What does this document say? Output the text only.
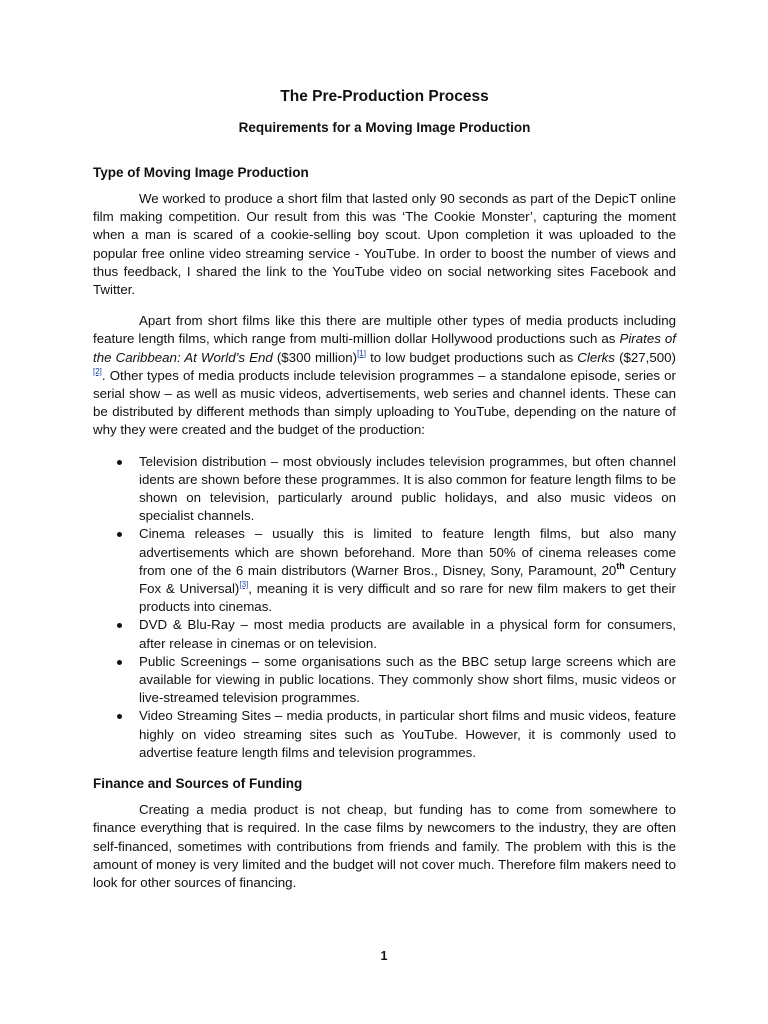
The Pre-Production Process
Requirements for a Moving Image Production
Type of Moving Image Production

We worked to produce a short film that lasted only 90 seconds as part of the DepicT online film making competition. Our result from this was ‘The Cookie Monster’, capturing the moment when a man is scared of a cookie-selling boy scout. Upon completion it was uploaded to the popular free online video streaming service - YouTube. In order to boost the number of views and thus feedback, I shared the link to the YouTube video on social networking sites Facebook and Twitter.

Apart from short films like this there are multiple other types of media products including feature length films, which range from multi-million dollar Hollywood productions such as Pirates of the Caribbean: At World’s End ($300 million)[1] to low budget productions such as Clerks ($27,500)[2]. Other types of media products include television programmes – a standalone episode, series or serial show – as well as music videos, advertisements, web series and channel idents. These can be distributed by different methods than simply uploading to YouTube, depending on the nature of why they were created and the budget of the production:

Television distribution – most obviously includes television programmes, but often channel idents are shown before these programmes. It is also common for feature length films to be shown on television, particularly around public holidays, and also music videos on specialist channels.
Cinema releases – usually this is limited to feature length films, but also many advertisements which are shown beforehand. More than 50% of cinema releases come from one of the 6 main distributors (Warner Bros., Disney, Sony, Paramount, 20th Century Fox & Universal)[3], meaning it is very difficult and so rare for new film makers to get their products into cinemas.
DVD & Blu-Ray – most media products are available in a physical form for consumers, after release in cinemas or on television.
Public Screenings – some organisations such as the BBC setup large screens which are available for viewing in public locations. They commonly show short films, music videos or live-streamed television programmes.
Video Streaming Sites – media products, in particular short films and music videos, feature highly on video streaming sites such as YouTube. However, it is commonly used to advertise feature length films and television programmes.
Finance and Sources of Funding

Creating a media product is not cheap, but funding has to come from somewhere to finance everything that is required. In the case films by newcomers to the industry, they are often self-financed, sometimes with contributions from friends and family. The problem with this is the amount of money is very limited and the budget will not cover much. Therefore film makers need to look for other sources of financing.

1
